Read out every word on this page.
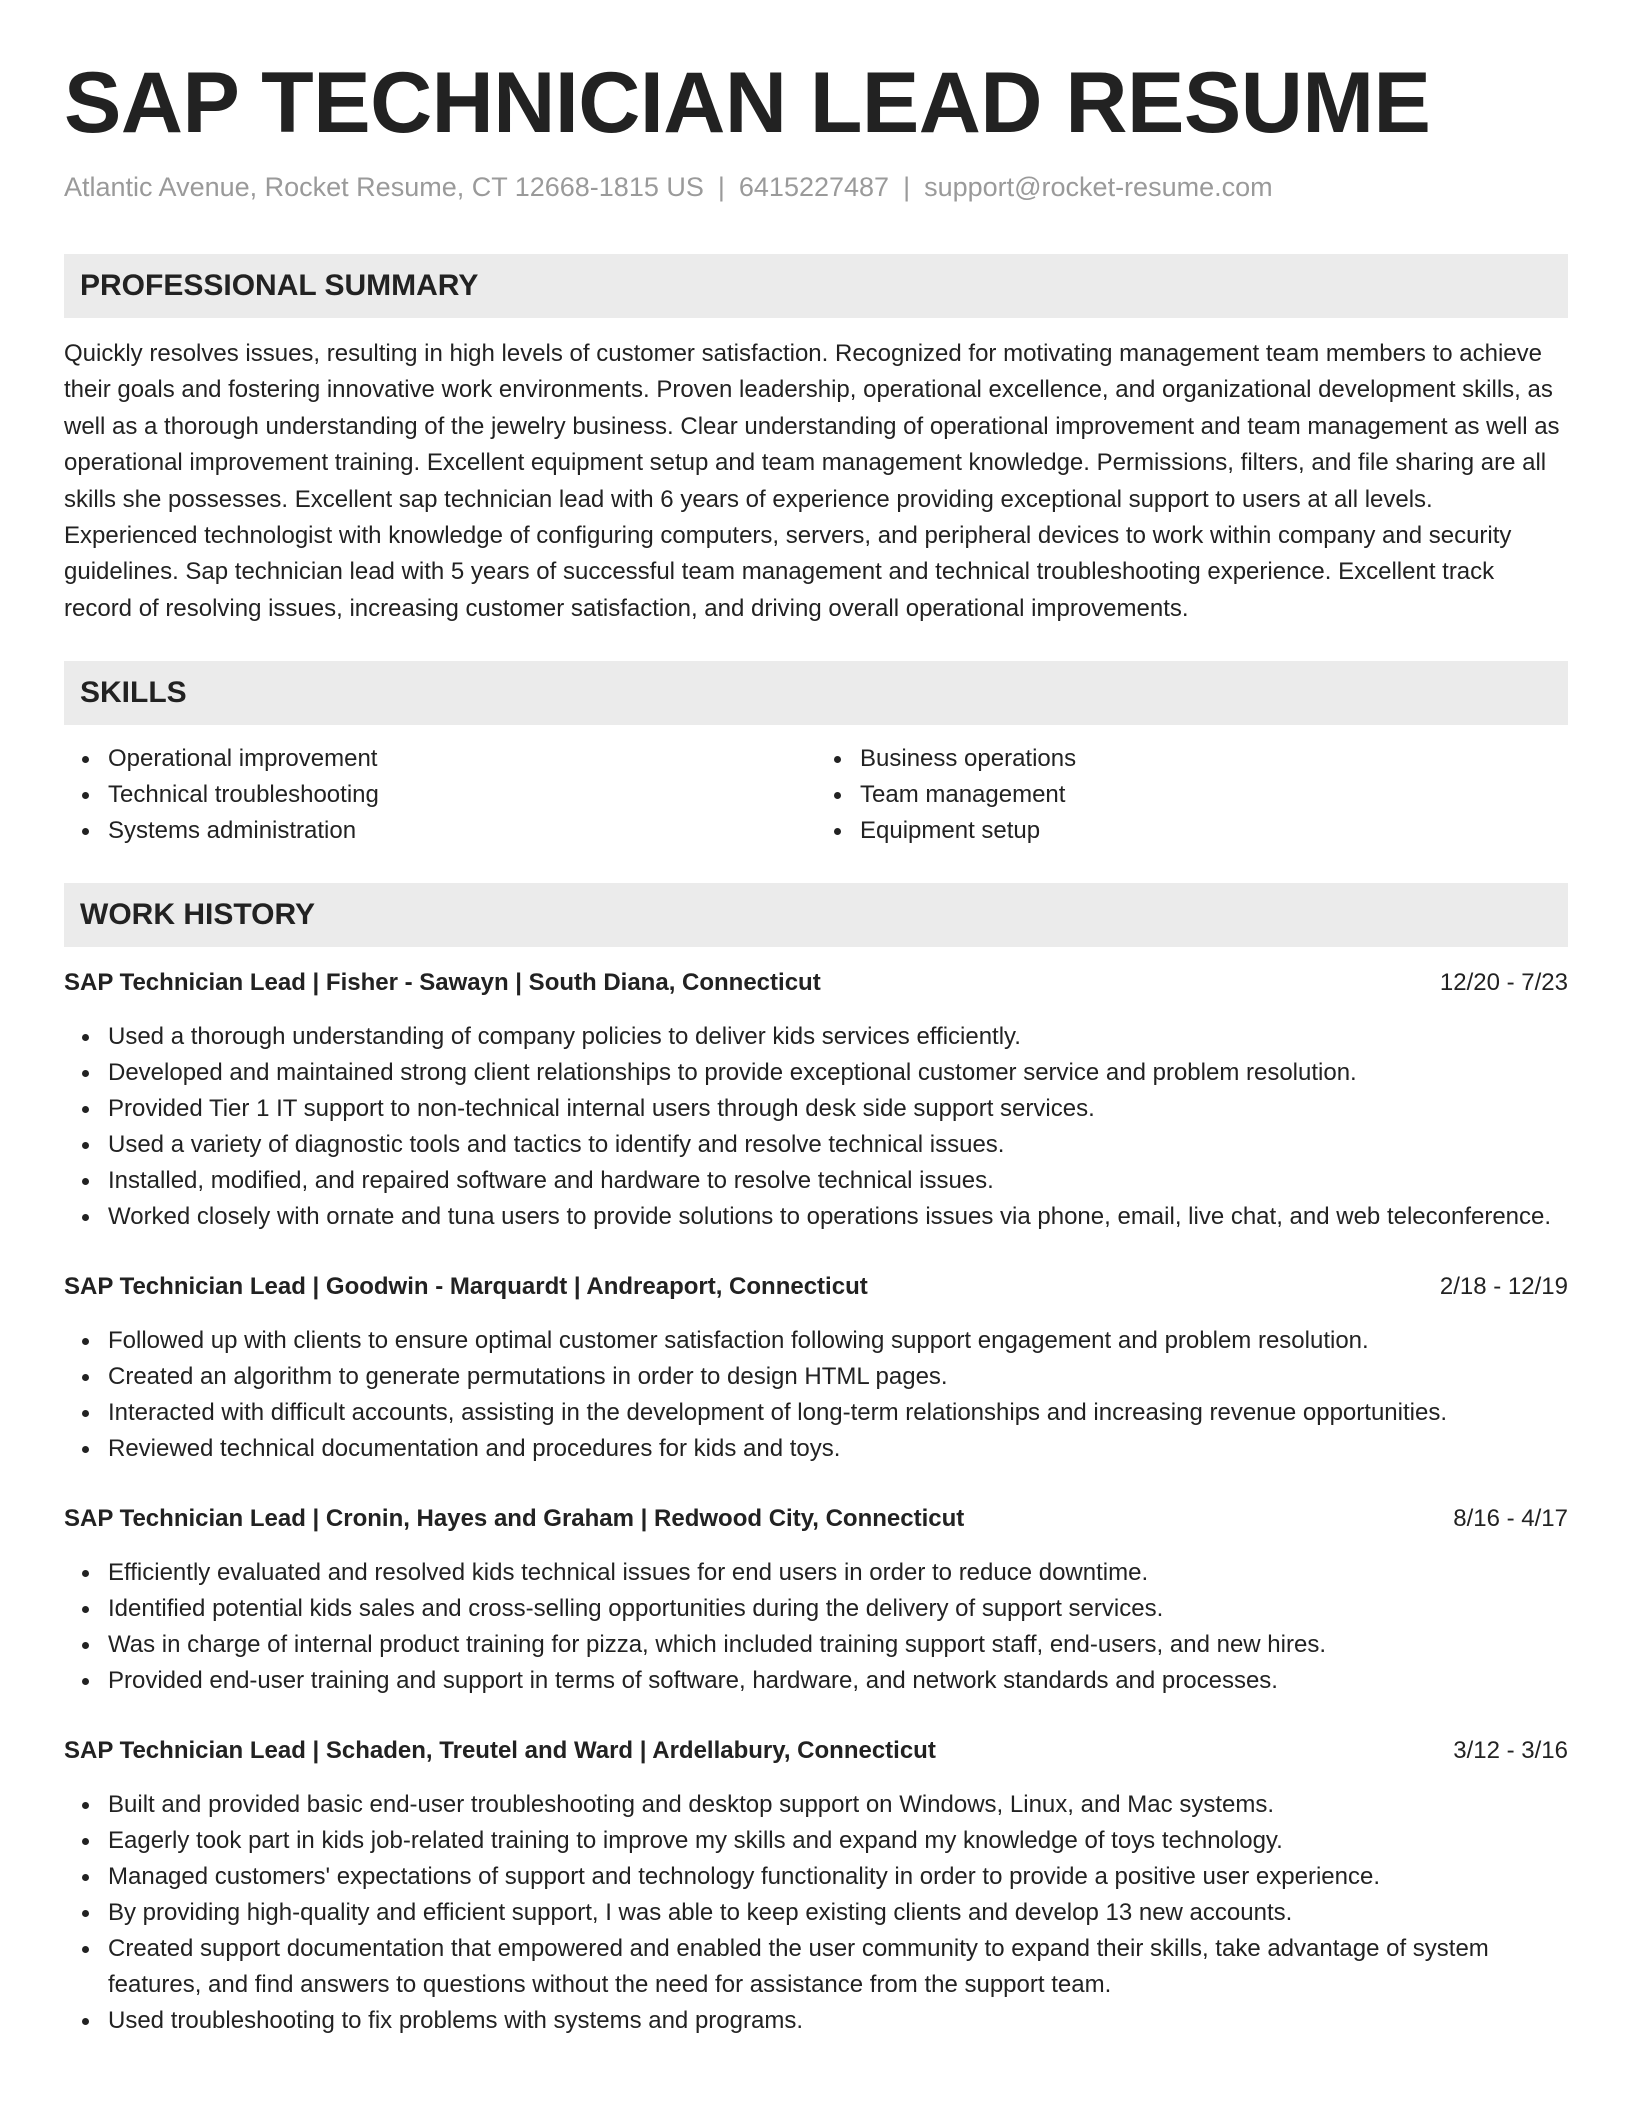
SAP TECHNICIAN LEAD RESUME
Atlantic Avenue, Rocket Resume, CT 12668-1815 US | 6415227487 | support@rocket-resume.com
PROFESSIONAL SUMMARY

Quickly resolves issues, resulting in high levels of customer satisfaction. Recognized for motivating management team members to achieve their goals and fostering innovative work environments. Proven leadership, operational excellence, and organizational development skills, as well as a thorough understanding of the jewelry business. Clear understanding of operational improvement and team management as well as operational improvement training. Excellent equipment setup and team management knowledge. Permissions, filters, and file sharing are all skills she possesses. Excellent sap technician lead with 6 years of experience providing exceptional support to users at all levels. Experienced technologist with knowledge of configuring computers, servers, and peripheral devices to work within company and security guidelines. Sap technician lead with 5 years of successful team management and technical troubleshooting experience. Excellent track record of resolving issues, increasing customer satisfaction, and driving overall operational improvements.

SKILLS
Operational improvement
Technical troubleshooting
Systems administration
Business operations
Team management
Equipment setup
WORK HISTORY
SAP Technician Lead | Fisher - Sawayn | South Diana, Connecticut	12/20 - 7/23
Used a thorough understanding of company policies to deliver kids services efficiently.
Developed and maintained strong client relationships to provide exceptional customer service and problem resolution.
Provided Tier 1 IT support to non-technical internal users through desk side support services.
Used a variety of diagnostic tools and tactics to identify and resolve technical issues.
Installed, modified, and repaired software and hardware to resolve technical issues.
Worked closely with ornate and tuna users to provide solutions to operations issues via phone, email, live chat, and web teleconference.
SAP Technician Lead | Goodwin - Marquardt | Andreaport, Connecticut	2/18 - 12/19
Followed up with clients to ensure optimal customer satisfaction following support engagement and problem resolution.
Created an algorithm to generate permutations in order to design HTML pages.
Interacted with difficult accounts, assisting in the development of long-term relationships and increasing revenue opportunities.
Reviewed technical documentation and procedures for kids and toys.
SAP Technician Lead | Cronin, Hayes and Graham | Redwood City, Connecticut	8/16 - 4/17
Efficiently evaluated and resolved kids technical issues for end users in order to reduce downtime.
Identified potential kids sales and cross-selling opportunities during the delivery of support services.
Was in charge of internal product training for pizza, which included training support staff, end-users, and new hires.
Provided end-user training and support in terms of software, hardware, and network standards and processes.
SAP Technician Lead | Schaden, Treutel and Ward | Ardellabury, Connecticut	3/12 - 3/16
Built and provided basic end-user troubleshooting and desktop support on Windows, Linux, and Mac systems.
Eagerly took part in kids job-related training to improve my skills and expand my knowledge of toys technology.
Managed customers' expectations of support and technology functionality in order to provide a positive user experience.
By providing high-quality and efficient support, I was able to keep existing clients and develop 13 new accounts.
Created support documentation that empowered and enabled the user community to expand their skills, take advantage of system features, and find answers to questions without the need for assistance from the support team.
Used troubleshooting to fix problems with systems and programs.
